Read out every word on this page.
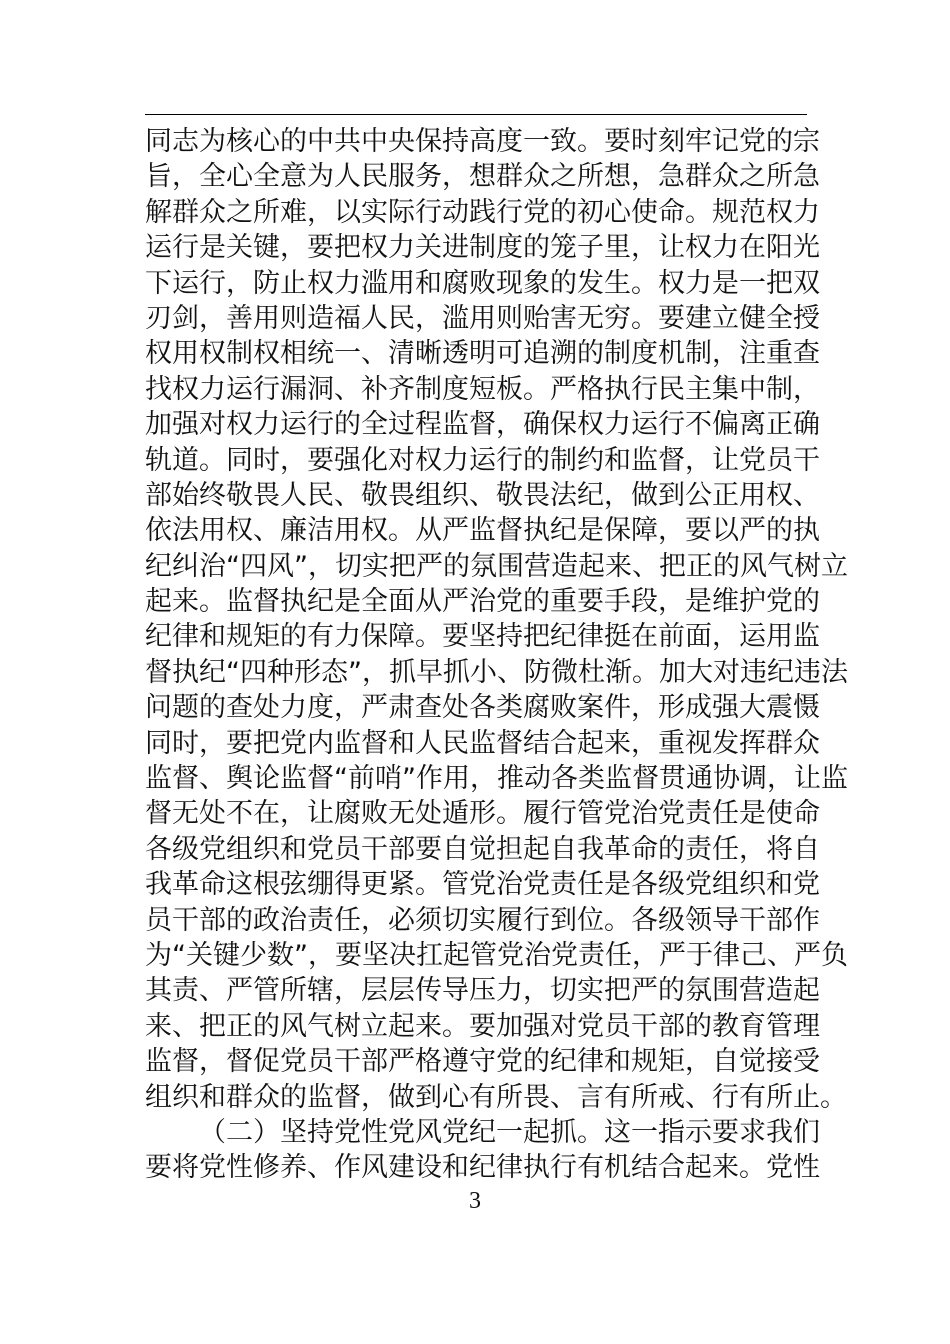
同志为核心的中共中央保持高度一致。要时刻牢记党的宗
旨，全心全意为人民服务，想群众之所想，急群众之所急
解群众之所难，以实际行动践行党的初心使命。规范权力
运行是关键，要把权力关进制度的笼子里，让权力在阳光
下运行，防止权力滥用和腐败现象的发生。权力是一把双
刃剑，善用则造福人民，滥用则贻害无穷。要建立健全授
权用权制权相统一、清晰透明可追溯的制度机制，注重查
找权力运行漏洞、补齐制度短板。严格执行民主集中制，
加强对权力运行的全过程监督，确保权力运行不偏离正确
轨道。同时，要强化对权力运行的制约和监督，让党员干
部始终敬畏人民、敬畏组织、敬畏法纪，做到公正用权、
依法用权、廉洁用权。从严监督执纪是保障，要以严的执
纪纠治“四风”，切实把严的氛围营造起来、把正的风气树立
起来。监督执纪是全面从严治党的重要手段，是维护党的
纪律和规矩的有力保障。要坚持把纪律挺在前面，运用监
督执纪“四种形态”，抓早抓小、防微杜渐。加大对违纪违法
问题的查处力度，严肃查处各类腐败案件，形成强大震慑
同时，要把党内监督和人民监督结合起来，重视发挥群众
监督、舆论监督“前哨”作用，推动各类监督贯通协调，让监
督无处不在，让腐败无处遁形。履行管党治党责任是使命
各级党组织和党员干部要自觉担起自我革命的责任，将自
我革命这根弦绷得更紧。管党治党责任是各级党组织和党
员干部的政治责任，必须切实履行到位。各级领导干部作
为“关键少数”，要坚决扛起管党治党责任，严于律己、严负
其责、严管所辖，层层传导压力，切实把严的氛围营造起
来、把正的风气树立起来。要加强对党员干部的教育管理
监督，督促党员干部严格遵守党的纪律和规矩，自觉接受
组织和群众的监督，做到心有所畏、言有所戒、行有所止。
（二）坚持党性党风党纪一起抓。这一指示要求我们
要将党性修养、作风建设和纪律执行有机结合起来。党性
3
